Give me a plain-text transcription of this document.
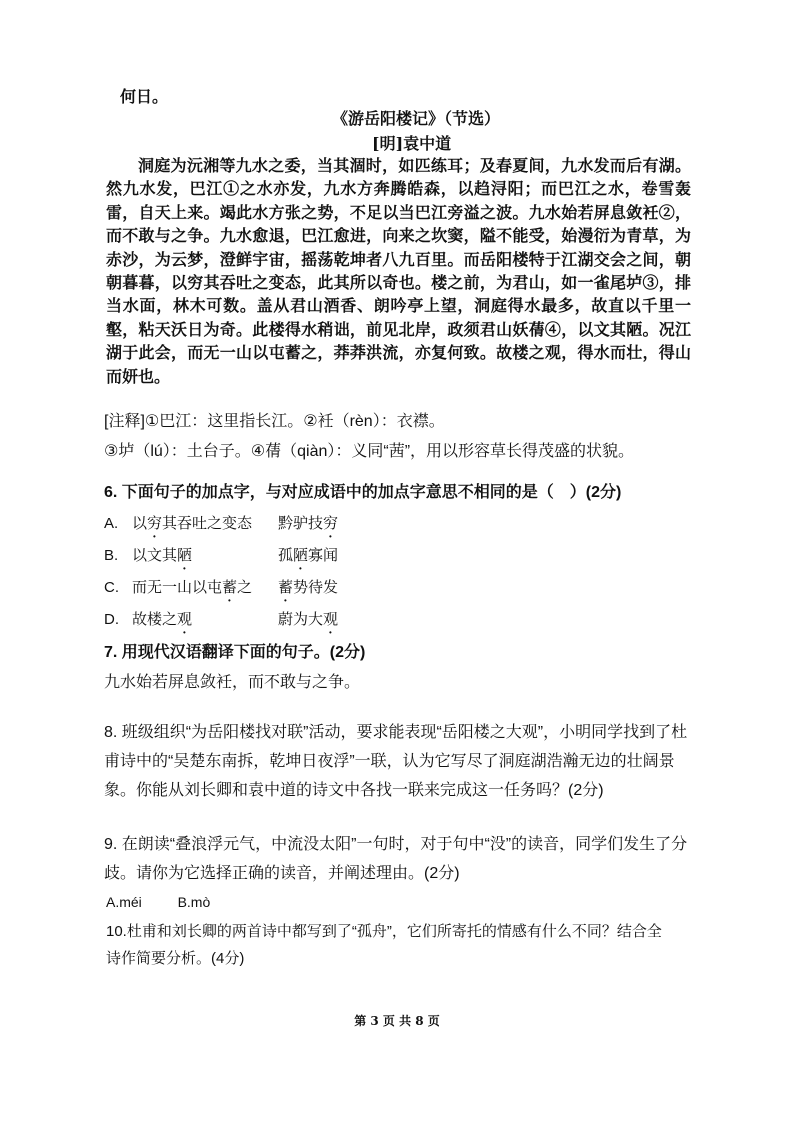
何日。
《游岳阳楼记》（节选）
[明]袁中道

洞庭为沅湘等九水之委，当其涸时，如匹练耳；及春夏间，九水发而后有湖。然九水发，巴江①之水亦发，九水方奔腾皓森，以趋浔阳；而巴江之水，卷雪轰雷，自天上来。竭此水方张之势，不足以当巴江旁溢之波。九水始若屏息敛衽②，而不敢与之争。九水愈退，巴江愈进，向来之坎窦，隘不能受，始漫衍为青草，为赤沙，为云梦，澄鲜宇宙，摇荡乾坤者八九百里。而岳阳楼特于江湖交会之间，朝朝暮暮，以穷其吞吐之变态，此其所以奇也。楼之前，为君山，如一雀尾垆③，排当水面，林木可数。盖从君山酒香、朗吟亭上望，洞庭得水最多，故直以千里一壑，粘天沃日为奇。此楼得水稍诎，前见北岸，政须君山妖蒨④，以文其陋。况江湖于此会，而无一山以屯蓄之，莽莽洪流，亦复何致。故楼之观，得水而壮，得山而妍也。

[注释]①巴江：这里指长江。②衽（rèn）：衣襟。
③垆（lú）：土台子。④蒨（qiàn）：义同“茜”，用以形容草长得茂盛的状貌。
6. 下面句子的加点字，与对应成语中的加点字意思不相同的是（　）(2分)
A. 以穷其吞吐之变态 黔驴技穷
B. 以文其陋	孤陋寡闻
C. 而无一山以屯蓄之 蓄势待发
D. 故楼之观	蔚为大观
7. 用现代汉语翻译下面的句子。(2分)
九水始若屏息敛衽，而不敢与之争。
8. 班级组织“为岳阳楼找对联”活动，要求能表现“岳阳楼之大观”，小明同学找到了杜甫诗中的“吴楚东南拆，乾坤日夜浮”一联，认为它写尽了洞庭湖浩瀚无边的壮阔景象。你能从刘长卿和袁中道的诗文中各找一联来完成这一任务吗？(2分)
9. 在朗读“叠浪浮元气，中流没太阳”一句时，对于句中“没”的读音，同学们发生了分歧。请你为它选择正确的读音，并阐述理由。(2分)
A.méi	B.mò
10.杜甫和刘长卿的两首诗中都写到了“孤舟”，它们所寄托的情感有什么不同？结合全诗作简要分析。(4分)
第 3 页 共 8 页
